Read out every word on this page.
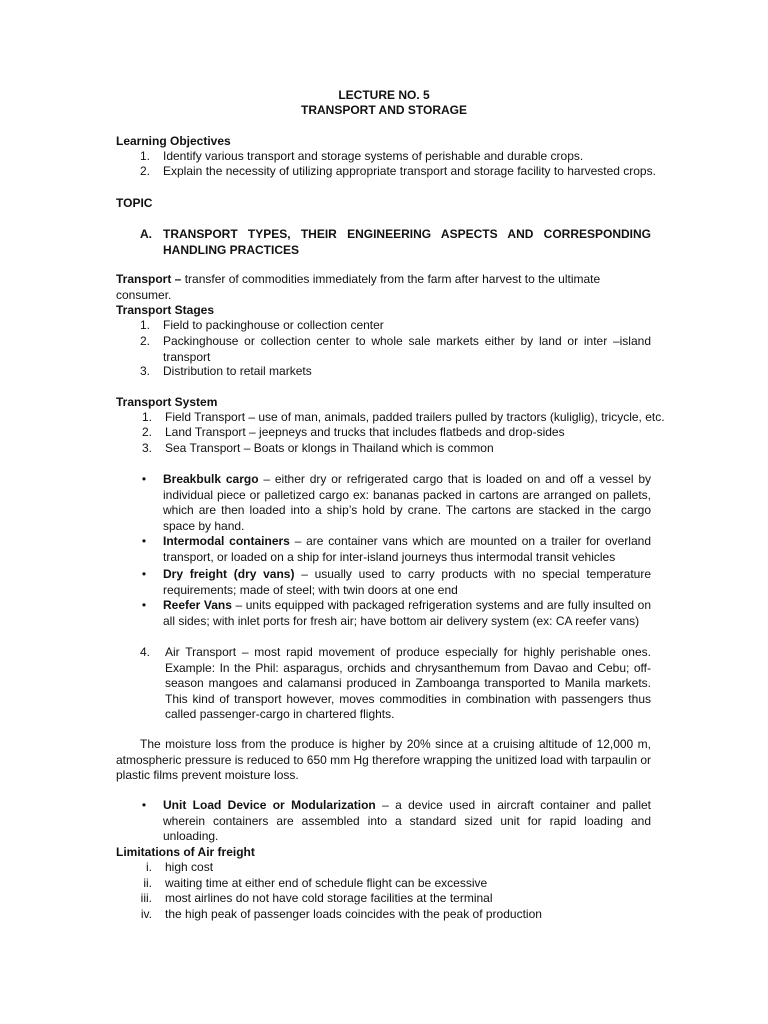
LECTURE NO. 5
TRANSPORT AND STORAGE
Learning Objectives
1. Identify various transport and storage systems of perishable and durable crops.
2. Explain the necessity of utilizing appropriate transport and storage facility to harvested crops.
TOPIC
A. TRANSPORT TYPES, THEIR ENGINEERING ASPECTS AND CORRESPONDING HANDLING PRACTICES
Transport – transfer of commodities immediately from the farm after harvest to the ultimate consumer.
Transport Stages
1. Field to packinghouse or collection center
2. Packinghouse or collection center to whole sale markets either by land or inter –island transport
3. Distribution to retail markets
Transport System
1. Field Transport – use of man, animals, padded trailers pulled by tractors (kuliglig), tricycle, etc.
2. Land Transport – jeepneys and trucks that includes flatbeds and drop-sides
3. Sea Transport – Boats or klongs in Thailand which is common
• Breakbulk cargo – either dry or refrigerated cargo that is loaded on and off a vessel by individual piece or palletized cargo ex: bananas packed in cartons are arranged on pallets, which are then loaded into a ship’s hold by crane. The cartons are stacked in the cargo space by hand.
• Intermodal containers – are container vans which are mounted on a trailer for overland transport, or loaded on a ship for inter-island journeys thus intermodal transit vehicles
• Dry freight (dry vans) – usually used to carry products with no special temperature requirements; made of steel; with twin doors at one end
• Reefer Vans – units equipped with packaged refrigeration systems and are fully insulted on all sides; with inlet ports for fresh air; have bottom air delivery system (ex: CA reefer vans)
4. Air Transport – most rapid movement of produce especially for highly perishable ones. Example: In the Phil: asparagus, orchids and chrysanthemum from Davao and Cebu; off-season mangoes and calamansi produced in Zamboanga transported to Manila markets. This kind of transport however, moves commodities in combination with passengers thus called passenger-cargo in chartered flights.
The moisture loss from the produce is higher by 20% since at a cruising altitude of 12,000 m, atmospheric pressure is reduced to 650 mm Hg therefore wrapping the unitized load with tarpaulin or plastic films prevent moisture loss.
• Unit Load Device or Modularization – a device used in aircraft container and pallet wherein containers are assembled into a standard sized unit for rapid loading and unloading.
Limitations of Air freight
i. high cost
ii. waiting time at either end of schedule flight can be excessive
iii. most airlines do not have cold storage facilities at the terminal
iv. the high peak of passenger loads coincides with the peak of production
